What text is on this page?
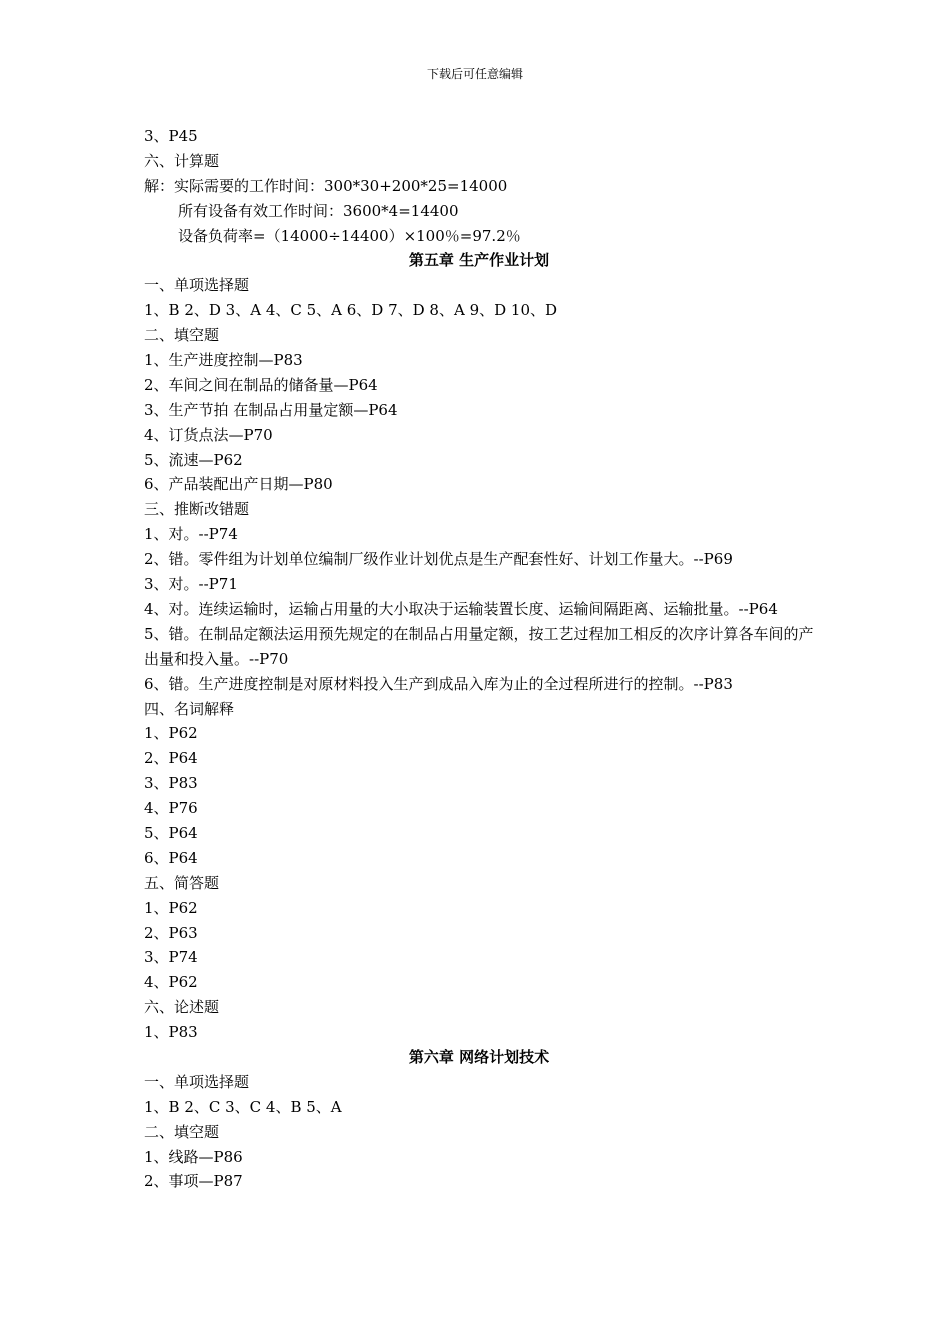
下载后可任意编辑
3、P45
六、计算题
解：实际需要的工作时间：300*30+200*25=14000
所有设备有效工作时间：3600*4=14400
设备负荷率=（14000÷14400）×100％=97.2％
第五章 生产作业计划
一、单项选择题
1、B 2、D 3、A 4、C 5、A 6、D 7、D 8、A 9、D 10、D
二、填空题
1、生产进度控制—P83
2、车间之间在制品的储备量—P64
3、生产节拍 在制品占用量定额—P64
4、订货点法—P70
5、流速—P62
6、产品装配出产日期—P80
三、推断改错题
1、对。--P74
2、错。零件组为计划单位编制厂级作业计划优点是生产配套性好、计划工作量大。--P69
3、对。--P71
4、对。连续运输时，运输占用量的大小取决于运输装置长度、运输间隔距离、运输批量。--P64
5、错。在制品定额法运用预先规定的在制品占用量定额，按工艺过程加工相反的次序计算各车间的产出量和投入量。--P70
6、错。生产进度控制是对原材料投入生产到成品入库为止的全过程所进行的控制。--P83
四、名词解释
1、P62
2、P64
3、P83
4、P76
5、P64
6、P64
五、简答题
1、P62
2、P63
3、P74
4、P62
六、论述题
1、P83
第六章 网络计划技术
一、单项选择题
1、B 2、C 3、C 4、B 5、A
二、填空题
1、线路—P86
2、事项—P87
